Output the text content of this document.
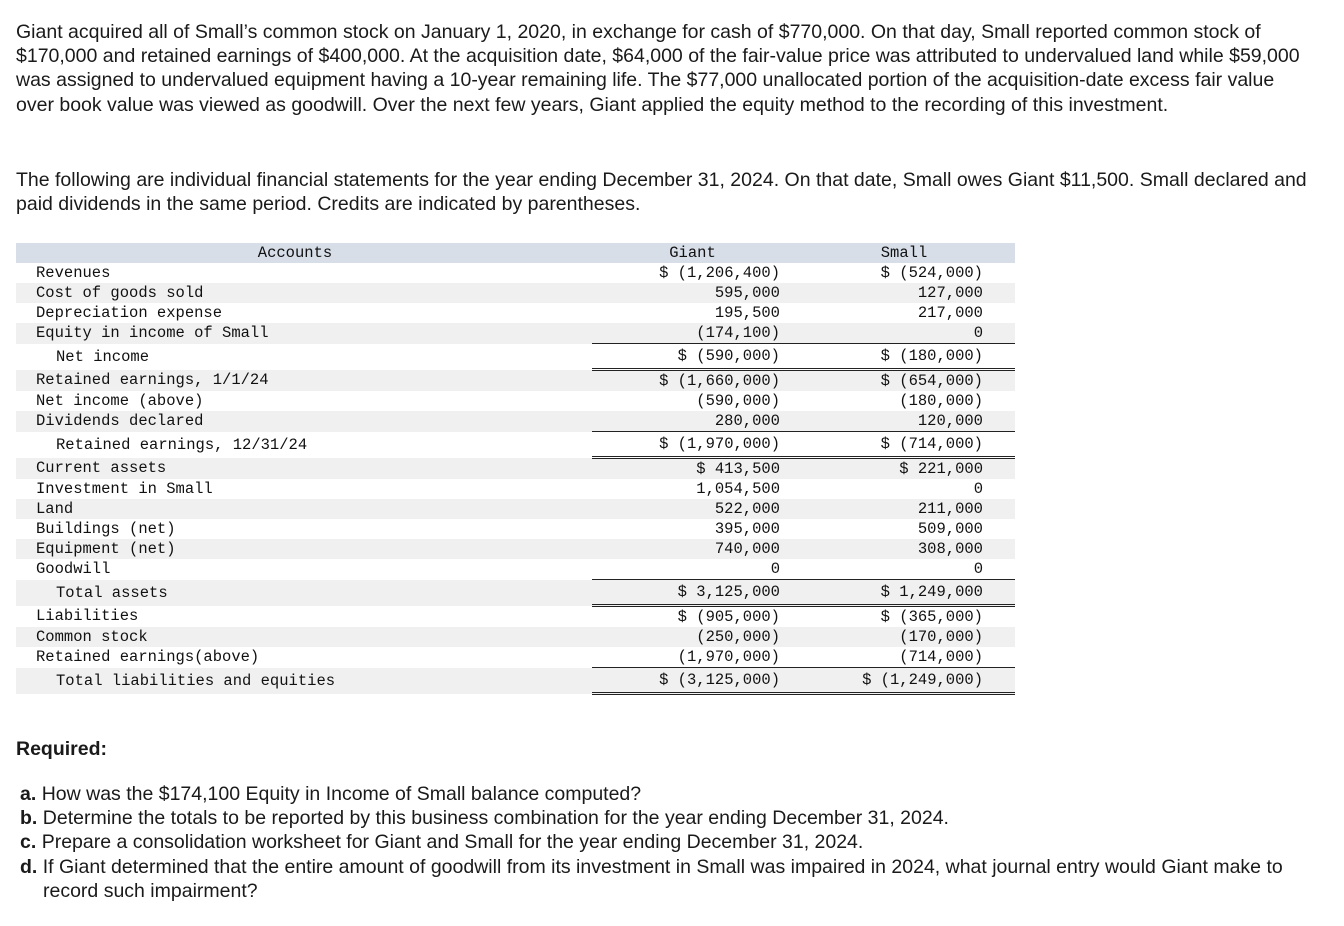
Giant acquired all of Small’s common stock on January 1, 2020, in exchange for cash of $770,000. On that day, Small reported common stock of $170,000 and retained earnings of $400,000. At the acquisition date, $64,000 of the fair-value price was attributed to undervalued land while $59,000 was assigned to undervalued equipment having a 10-year remaining life. The $77,000 unallocated portion of the acquisition-date excess fair value over book value was viewed as goodwill. Over the next few years, Giant applied the equity method to the recording of this investment.

The following are individual financial statements for the year ending December 31, 2024. On that date, Small owes Giant $11,500. Small declared and paid dividends in the same period. Credits are indicated by parentheses.

Accounts		Giant	Small
Revenues		$ (1,206,400)	$ (524,000)
Cost of goods sold		595,000	127,000
Depreciation expense		195,500	217,000
Equity in income of Small		(174,100)	0
Net income		$ (590,000)	$ (180,000)
Retained earnings, 1/1/24		$ (1,660,000)	$ (654,000)
Net income (above)		(590,000)	(180,000)
Dividends declared		280,000	120,000
Retained earnings, 12/31/24		$ (1,970,000)	$ (714,000)
Current assets		$ 413,500	$ 221,000
Investment in Small		1,054,500	0
Land		522,000	211,000
Buildings (net)		395,000	509,000
Equipment (net)		740,000	308,000
Goodwill		0	0
Total assets		$ 3,125,000	$ 1,249,000
Liabilities		$ (905,000)	$ (365,000)
Common stock		(250,000)	(170,000)
Retained earnings(above)		(1,970,000)	(714,000)
Total liabilities and equities		$ (3,125,000)	$ (1,249,000)
Required:
a. How was the $174,100 Equity in Income of Small balance computed?
b. Determine the totals to be reported by this business combination for the year ending December 31, 2024.
c. Prepare a consolidation worksheet for Giant and Small for the year ending December 31, 2024.
d. If Giant determined that the entire amount of goodwill from its investment in Small was impaired in 2024, what journal entry would Giant make to record such impairment?
